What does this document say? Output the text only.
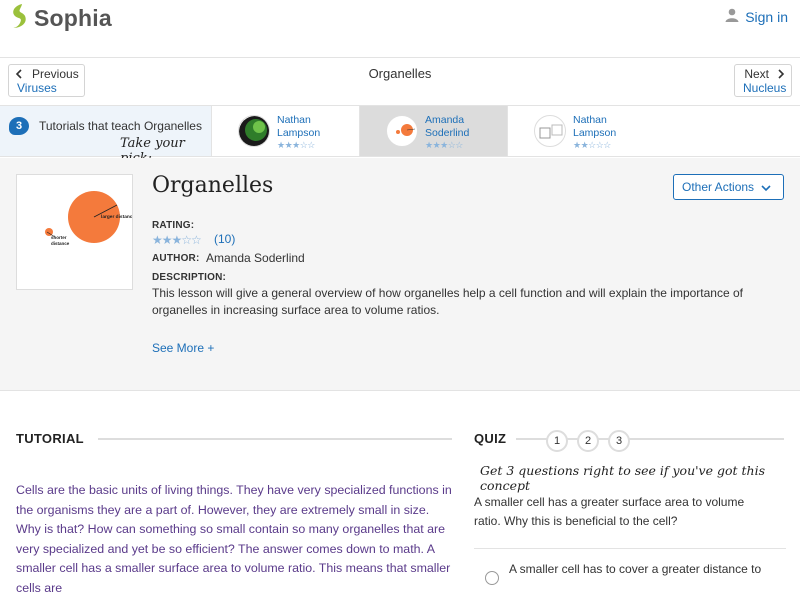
Sophia	Sign in
Previous
Viruses
Organelles	Next
Nucleus
3	Tutorials that teach Organelles
Take your
Nathan
Lampson
★★★☆☆
Amanda
Soderlind
★★★☆☆
Nathan
Lampson
★★☆☆☆
larger distance
shorter
distance
Organelles	Other Actions
RATING:
★★★☆☆ (10)
AUTHOR: Amanda Soderlind
DESCRIPTION:
This lesson will give a general overview of how organelles help a cell function and will explain the importance of organelles in increasing surface area to volume ratios.
See More +
TUTORIAL
Cells are the basic units of living things. They have very specialized functions in the organisms they are a part of. However, they are extremely small in size. Why is that? How can something so small contain so many organelles that are very specialized and yet be so efficient? The answer comes down to math. A smaller cell has a smaller surface area to volume ratio. This means that smaller cells are
QUIZ	1	2	3
Get 3 questions right to see if you've got this concept
A smaller cell has a greater surface area to volume ratio. Why this is beneficial to the cell?
A smaller cell has to cover a greater distance to
